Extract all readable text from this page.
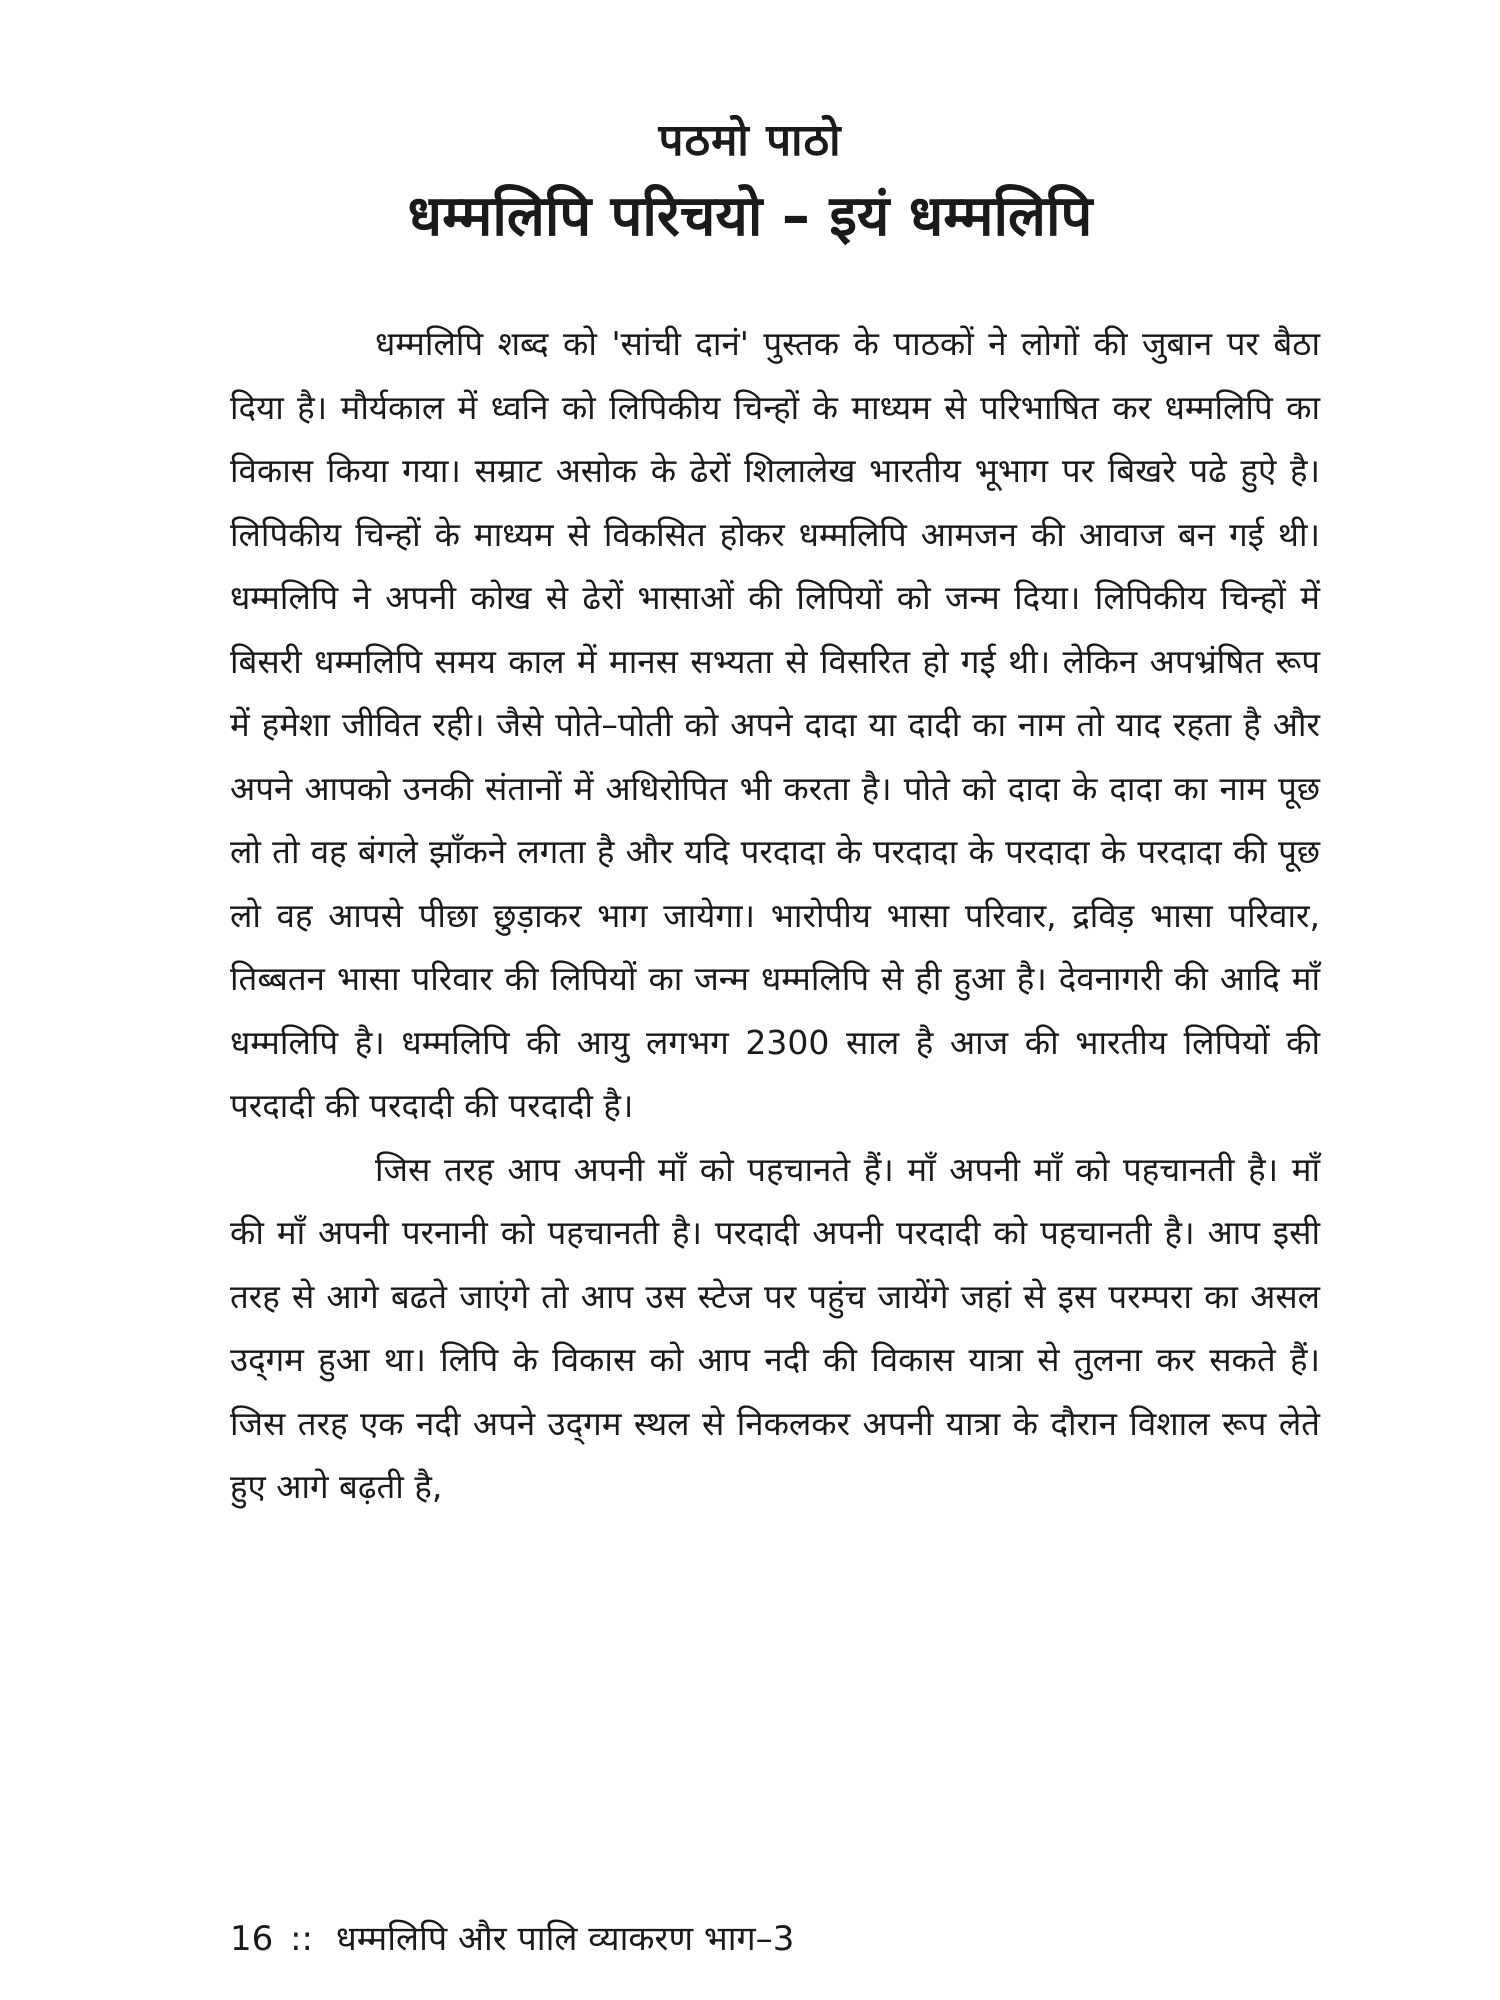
पठमो पाठो
धम्मलिपि परिचयो – इयं धम्मलिपि

धम्मलिपि शब्द को 'सांची दानं' पुस्तक के पाठकों ने लोगों की जुबान पर बैठा दिया है। मौर्यकाल में ध्वनि को लिपिकीय चिन्हों के माध्यम से परिभाषित कर धम्मलिपि का विकास किया गया। सम्राट असोक के ढेरों शिलालेख भारतीय भूभाग पर बिखरे पढे हुऐ है। लिपिकीय चिन्हों के माध्यम से विकसित होकर धम्मलिपि आमजन की आवाज बन गई थी। धम्मलिपि ने अपनी कोख से ढेरों भासाओं की लिपियों को जन्म दिया। लिपिकीय चिन्हों में बिसरी धम्मलिपि समय काल में मानस सभ्यता से विसरित हो गई थी। लेकिन अपभ्रंषित रूप में हमेशा जीवित रही। जैसे पोते–पोती को अपने दादा या दादी का नाम तो याद रहता है और अपने आपको उनकी संतानों में अधिरोपित भी करता है। पोते को दादा के दादा का नाम पूछ लो तो वह बंगले झाँकने लगता है और यदि परदादा के परदादा के परदादा के परदादा की पूछ लो वह आपसे पीछा छुड़ाकर भाग जायेगा। भारोपीय भासा परिवार, द्रविड़ भासा परिवार, तिब्बतन भासा परिवार की लिपियों का जन्म धम्मलिपि से ही हुआ है। देवनागरी की आदि माँ धम्मलिपि है। धम्मलिपि की आयु लगभग 2300 साल है आज की भारतीय लिपियों की परदादी की परदादी की परदादी है।

जिस तरह आप अपनी माँ को पहचानते हैं। माँ अपनी माँ को पहचानती है। माँ की माँ अपनी परनानी को पहचानती है। परदादी अपनी परदादी को पहचानती है। आप इसी तरह से आगे बढते जाएंगे तो आप उस स्टेज पर पहुंच जायेंगे जहां से इस परम्परा का असल उद्‌गम हुआ था। लिपि के विकास को आप नदी की विकास यात्रा से तुलना कर सकते हैं। जिस तरह एक नदी अपने उद्‌गम स्थल से निकलकर अपनी यात्रा के दौरान विशाल रूप लेते हुए आगे बढ़ती है,

16 :: धम्मलिपि और पालि व्याकरण भाग–3
